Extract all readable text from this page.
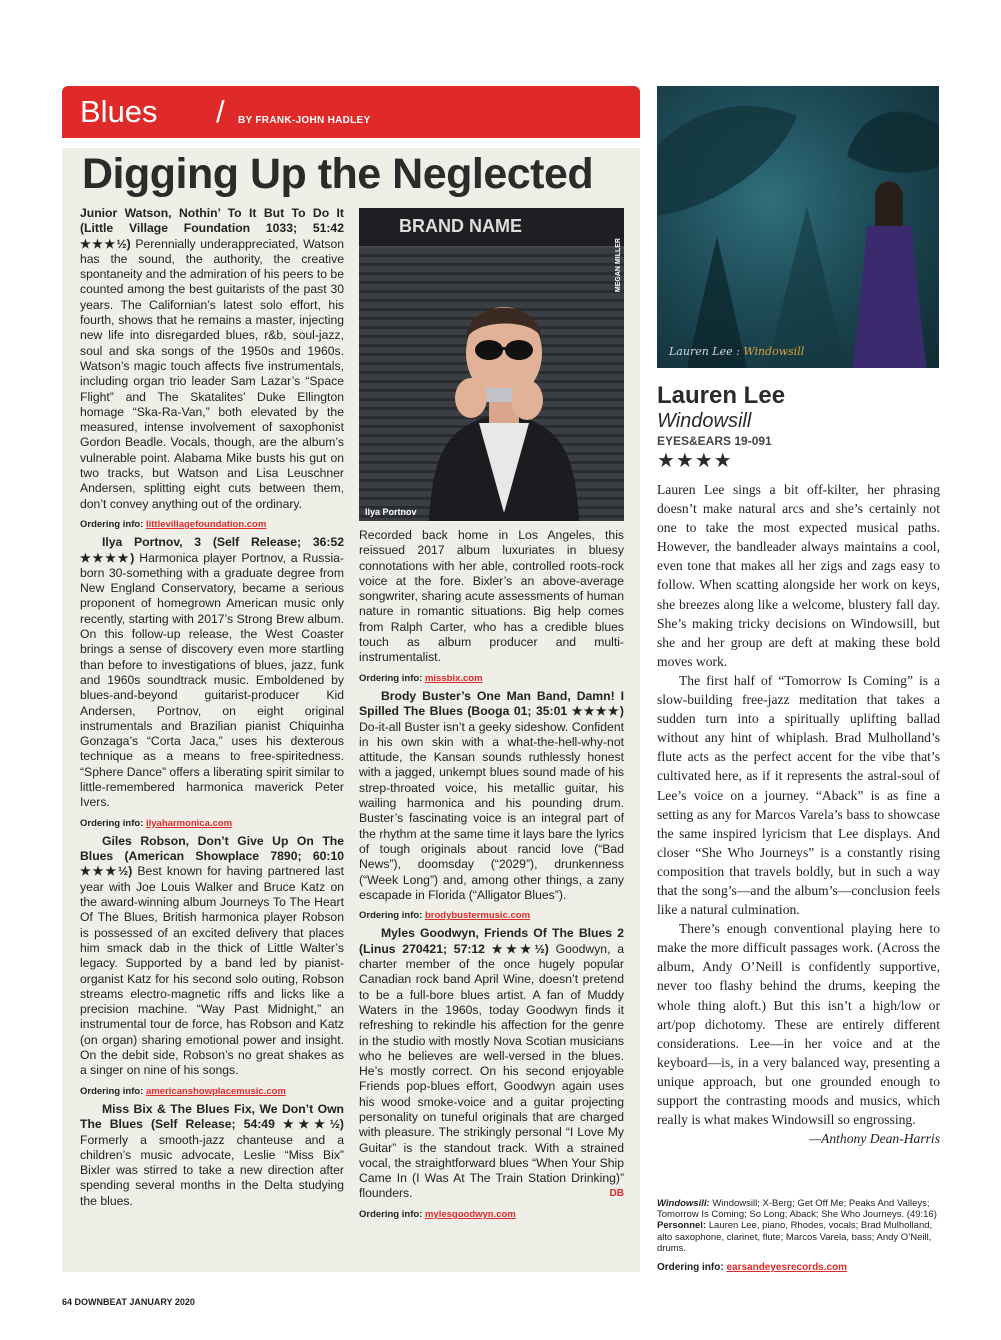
Blues / BY FRANK-JOHN HADLEY
Digging Up the Neglected

Junior Watson, Nothin’ To It But To Do It (Little Village Foundation 1033; 51:42 ★★★½) Perennially underappreciated, Watson has the sound, the authority, the creative spontaneity and the admiration of his peers to be counted among the best guitarists of the past 30 years. The Californian’s latest solo effort, his fourth, shows that he remains a master, injecting new life into disregarded blues, r&b, soul-jazz, soul and ska songs of the 1950s and 1960s. Watson’s magic touch affects five instrumentals, including organ trio leader Sam Lazar’s “Space Flight” and The Skatalites’ Duke Ellington homage “Ska-Ra-Van,” both elevated by the measured, intense involvement of saxophonist Gordon Beadle. Vocals, though, are the album’s vulnerable point. Alabama Mike busts his gut on two tracks, but Watson and Lisa Leuschner Andersen, splitting eight cuts between them, don’t convey anything out of the ordinary.

Ordering info: littlevillagefoundation.com

Ilya Portnov, 3 (Self Release; 36:52 ★★★★) Harmonica player Portnov, a Russia-born 30-something with a graduate degree from New England Conservatory, became a serious proponent of homegrown American music only recently, starting with 2017’s Strong Brew album. On this follow-up release, the West Coaster brings a sense of discovery even more startling than before to investigations of blues, jazz, funk and 1960s soundtrack music. Emboldened by blues-and-beyond guitarist-producer Kid Andersen, Portnov, on eight original instrumentals and Brazilian pianist Chiquinha Gonzaga’s “Corta Jaca,” uses his dexterous technique as a means to free-spiritedness. “Sphere Dance” offers a liberating spirit similar to little-remembered harmonica maverick Peter Ivers.

Ordering info: ilyaharmonica.com

Giles Robson, Don’t Give Up On The Blues (American Showplace 7890; 60:10 ★★★½) Best known for having partnered last year with Joe Louis Walker and Bruce Katz on the award-winning album Journeys To The Heart Of The Blues, British harmonica player Robson is possessed of an excited delivery that places him smack dab in the thick of Little Walter’s legacy. Supported by a band led by pianist-organist Katz for his second solo outing, Robson streams electro-magnetic riffs and licks like a precision machine. “Way Past Midnight,” an instrumental tour de force, has Robson and Katz (on organ) sharing emotional power and insight. On the debit side, Robson’s no great shakes as a singer on nine of his songs.

Ordering info: americanshowplacemusic.com

Miss Bix & The Blues Fix, We Don’t Own The Blues (Self Release; 54:49 ★★★½) Formerly a smooth-jazz chanteuse and a children’s music advocate, Leslie “Miss Bix” Bixler was stirred to take a new direction after spending several months in the Delta studying the blues.

BRAND NAME
Ilya Portnov
MEGAN MILLER

Recorded back home in Los Angeles, this reissued 2017 album luxuriates in bluesy connotations with her able, controlled roots-rock voice at the fore. Bixler’s an above-average songwriter, sharing acute assessments of human nature in romantic situations. Big help comes from Ralph Carter, who has a credible blues touch as album producer and multi-instrumentalist.

Ordering info: missbix.com

Brody Buster’s One Man Band, Damn! I Spilled The Blues (Booga 01; 35:01 ★★★★) Do-it-all Buster isn’t a geeky sideshow. Confident in his own skin with a what-the-hell-why-not attitude, the Kansan sounds ruthlessly honest with a jagged, unkempt blues sound made of his strep-throated voice, his metallic guitar, his wailing harmonica and his pounding drum. Buster’s fascinating voice is an integral part of the rhythm at the same time it lays bare the lyrics of tough originals about rancid love (“Bad News”), doomsday (“2029”), drunkenness (“Week Long”) and, among other things, a zany escapade in Florida (“Alligator Blues”).

Ordering info: brodybustermusic.com

Myles Goodwyn, Friends Of The Blues 2 (Linus 270421; 57:12 ★★★½) Goodwyn, a charter member of the once hugely popular Canadian rock band April Wine, doesn’t pretend to be a full-bore blues artist. A fan of Muddy Waters in the 1960s, today Goodwyn finds it refreshing to rekindle his affection for the genre in the studio with mostly Nova Scotian musicians who he believes are well-versed in the blues. He’s mostly correct. On his second enjoyable Friends pop-blues effort, Goodwyn again uses his wood smoke-voice and a guitar projecting personality on tuneful originals that are charged with pleasure. The strikingly personal “I Love My Guitar” is the standout track. With a strained vocal, the straightforward blues “When Your Ship Came In (I Was At The Train Station Drinking)” flounders.	DB

Ordering info: mylesgoodwyn.com

Lauren Lee : Windowsill
Lauren Lee
Windowsill
EYES&EARS 19-091
★★★★

Lauren Lee sings a bit off-kilter, her phrasing doesn’t make natural arcs and she’s certainly not one to take the most expected musical paths. However, the bandleader always maintains a cool, even tone that makes all her zigs and zags easy to follow. When scatting alongside her work on keys, she breezes along like a welcome, blustery fall day. She’s making tricky decisions on Windowsill, but she and her group are deft at making these bold moves work.

The first half of “Tomorrow Is Coming” is a slow-building free-jazz meditation that takes a sudden turn into a spiritually uplifting ballad without any hint of whiplash. Brad Mulholland’s flute acts as the perfect accent for the vibe that’s cultivated here, as if it represents the astral-soul of Lee’s voice on a journey. “Aback” is as fine a setting as any for Marcos Varela’s bass to showcase the same inspired lyricism that Lee displays. And closer “She Who Journeys” is a constantly rising composition that travels boldly, but in such a way that the song’s—and the album’s—conclusion feels like a natural culmination.

There’s enough conventional playing here to make the more difficult passages work. (Across the album, Andy O’Neill is confidently supportive, never too flashy behind the drums, keeping the whole thing aloft.) But this isn’t a high/low or art/pop dichotomy. These are entirely different considerations. Lee—in her voice and at the keyboard—is, in a very balanced way, presenting a unique approach, but one grounded enough to support the contrasting moods and musics, which really is what makes Windowsill so engrossing.

—Anthony Dean-Harris

Windowsill: Windowsill; X-Berg; Get Off Me; Peaks And Valleys; Tomorrow Is Coming; So Long; Aback; She Who Journeys. (49:16)

Personnel: Lauren Lee, piano, Rhodes, vocals; Brad Mulholland, alto saxophone, clarinet, flute; Marcos Varela, bass; Andy O’Neill, drums.

Ordering info: earsandeyesrecords.com
64 DOWNBEAT JANUARY 2020
